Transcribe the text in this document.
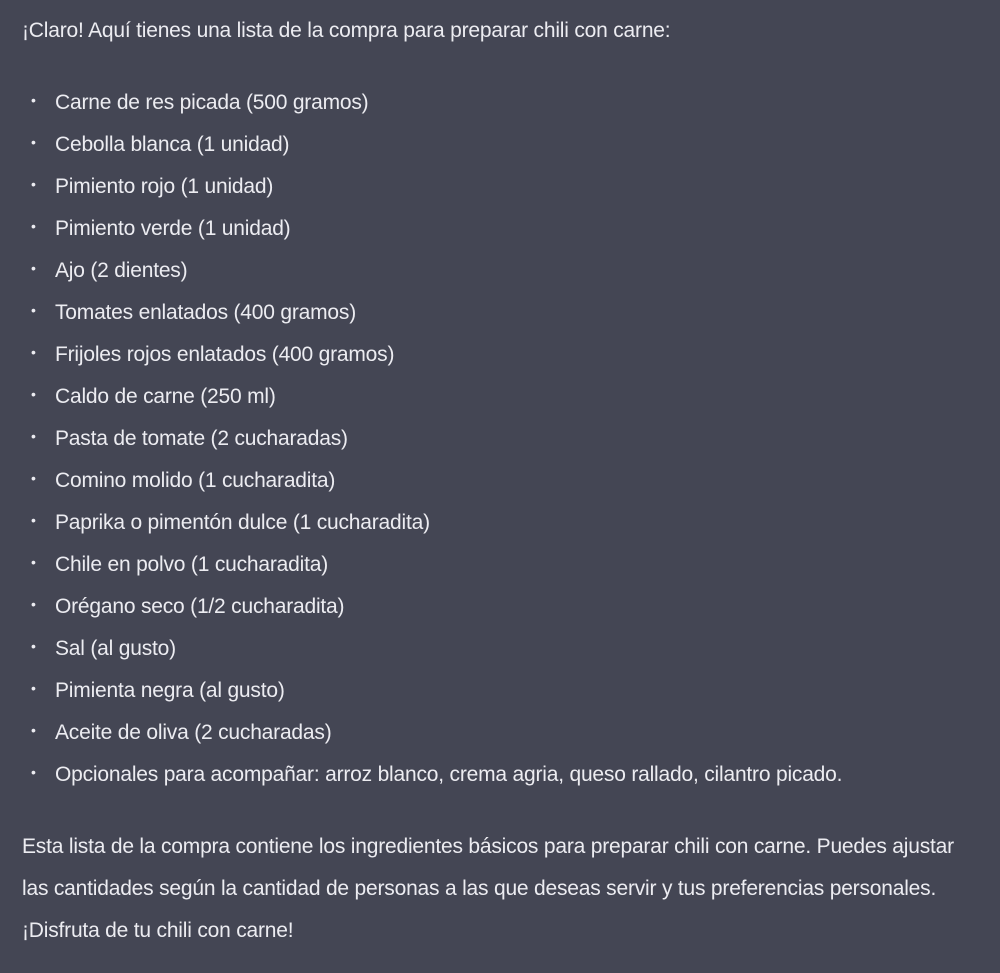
¡Claro! Aquí tienes una lista de la compra para preparar chili con carne:

• Carne de res picada (500 gramos)
• Cebolla blanca (1 unidad)
• Pimiento rojo (1 unidad)
• Pimiento verde (1 unidad)
• Ajo (2 dientes)
• Tomates enlatados (400 gramos)
• Frijoles rojos enlatados (400 gramos)
• Caldo de carne (250 ml)
• Pasta de tomate (2 cucharadas)
• Comino molido (1 cucharadita)
• Paprika o pimentón dulce (1 cucharadita)
• Chile en polvo (1 cucharadita)
• Orégano seco (1/2 cucharadita)
• Sal (al gusto)
• Pimienta negra (al gusto)
• Aceite de oliva (2 cucharadas)
• Opcionales para acompañar: arroz blanco, crema agria, queso rallado, cilantro picado.

Esta lista de la compra contiene los ingredientes básicos para preparar chili con carne. Puedes ajustar las cantidades según la cantidad de personas a las que deseas servir y tus preferencias personales. ¡Disfruta de tu chili con carne!
